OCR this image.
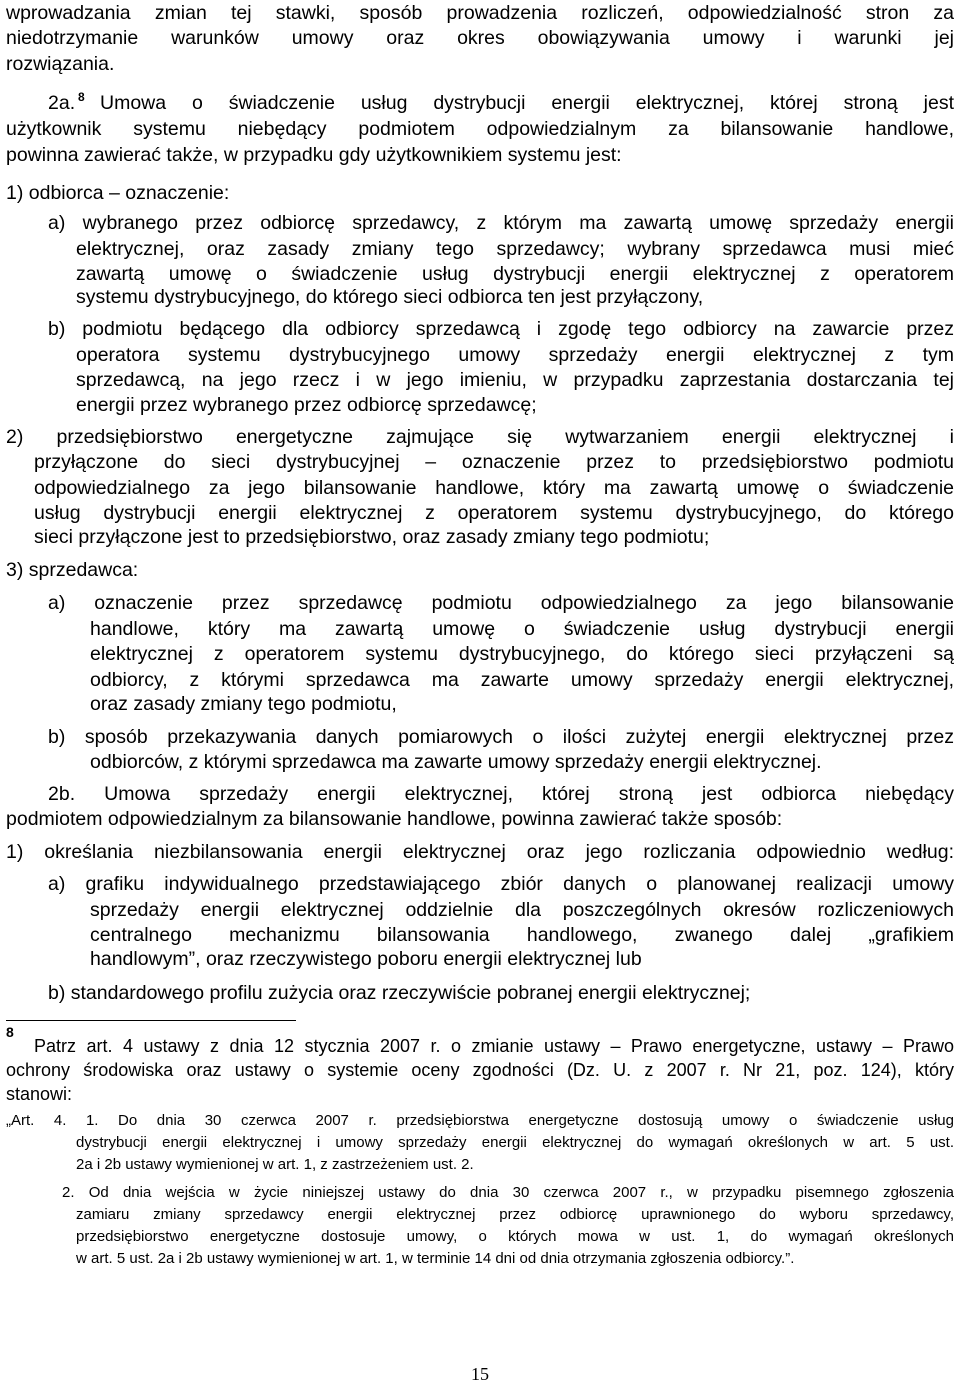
wprowadzania zmian tej stawki, sposób prowadzenia rozliczeń, odpowiedzialność stron za
niedotrzymanie warunków umowy oraz okres obowiązywania umowy i warunki jej
rozwiązania.
2a. 8 Umowa o świadczenie usług dystrybucji energii elektrycznej, której stroną jest
użytkownik systemu niebędący podmiotem odpowiedzialnym za bilansowanie handlowe,
powinna zawierać także, w przypadku gdy użytkownikiem systemu jest:
1) odbiorca – oznaczenie:
a) wybranego przez odbiorcę sprzedawcy, z którym ma zawartą umowę sprzedaży energii
elektrycznej, oraz zasady zmiany tego sprzedawcy; wybrany sprzedawca musi mieć
zawartą umowę o świadczenie usług dystrybucji energii elektrycznej z operatorem
systemu dystrybucyjnego, do którego sieci odbiorca ten jest przyłączony,
b) podmiotu będącego dla odbiorcy sprzedawcą i zgodę tego odbiorcy na zawarcie przez
operatora systemu dystrybucyjnego umowy sprzedaży energii elektrycznej z tym
sprzedawcą, na jego rzecz i w jego imieniu, w przypadku zaprzestania dostarczania tej
energii przez wybranego przez odbiorcę sprzedawcę;
2) przedsiębiorstwo energetyczne zajmujące się wytwarzaniem energii elektrycznej i
przyłączone do sieci dystrybucyjnej – oznaczenie przez to przedsiębiorstwo podmiotu
odpowiedzialnego za jego bilansowanie handlowe, który ma zawartą umowę o świadczenie
usług dystrybucji energii elektrycznej z operatorem systemu dystrybucyjnego, do którego
sieci przyłączone jest to przedsiębiorstwo, oraz zasady zmiany tego podmiotu;
3) sprzedawca:
a) oznaczenie przez sprzedawcę podmiotu odpowiedzialnego za jego bilansowanie
handlowe, który ma zawartą umowę o świadczenie usług dystrybucji energii
elektrycznej z operatorem systemu dystrybucyjnego, do którego sieci przyłączeni są
odbiorcy, z którymi sprzedawca ma zawarte umowy sprzedaży energii elektrycznej,
oraz zasady zmiany tego podmiotu,
b) sposób przekazywania danych pomiarowych o ilości zużytej energii elektrycznej przez
odbiorców, z którymi sprzedawca ma zawarte umowy sprzedaży energii elektrycznej.
2b. Umowa sprzedaży energii elektrycznej, której stroną jest odbiorca niebędący
podmiotem odpowiedzialnym za bilansowanie handlowe, powinna zawierać także sposób:
1) określania niezbilansowania energii elektrycznej oraz jego rozliczania odpowiednio według:
a) grafiku indywidualnego przedstawiającego zbiór danych o planowanej realizacji umowy
sprzedaży energii elektrycznej oddzielnie dla poszczególnych okresów rozliczeniowych
centralnego mechanizmu bilansowania handlowego, zwanego dalej „grafikiem
handlowym”, oraz rzeczywistego poboru energii elektrycznej lub
b) standardowego profilu zużycia oraz rzeczywiście pobranej energii elektrycznej;
8
Patrz art. 4 ustawy z dnia 12 stycznia 2007 r. o zmianie ustawy – Prawo energetyczne, ustawy – Prawo
ochrony środowiska oraz ustawy o systemie oceny zgodności (Dz. U. z 2007 r. Nr 21, poz. 124), który
stanowi:
„Art. 4. 1. Do dnia 30 czerwca 2007 r. przedsiębiorstwa energetyczne dostosują umowy o świadczenie usług
dystrybucji energii elektrycznej i umowy sprzedaży energii elektrycznej do wymagań określonych w art. 5 ust.
2a i 2b ustawy wymienionej w art. 1, z zastrzeżeniem ust. 2.
2. Od dnia wejścia w życie niniejszej ustawy do dnia 30 czerwca 2007 r., w przypadku pisemnego zgłoszenia
zamiaru zmiany sprzedawcy energii elektrycznej przez odbiorcę uprawnionego do wyboru sprzedawcy,
przedsiębiorstwo energetyczne dostosuje umowy, o których mowa w ust. 1, do wymagań określonych
w art. 5 ust. 2a i 2b ustawy wymienionej w art. 1, w terminie 14 dni od dnia otrzymania zgłoszenia odbiorcy.”.
15
